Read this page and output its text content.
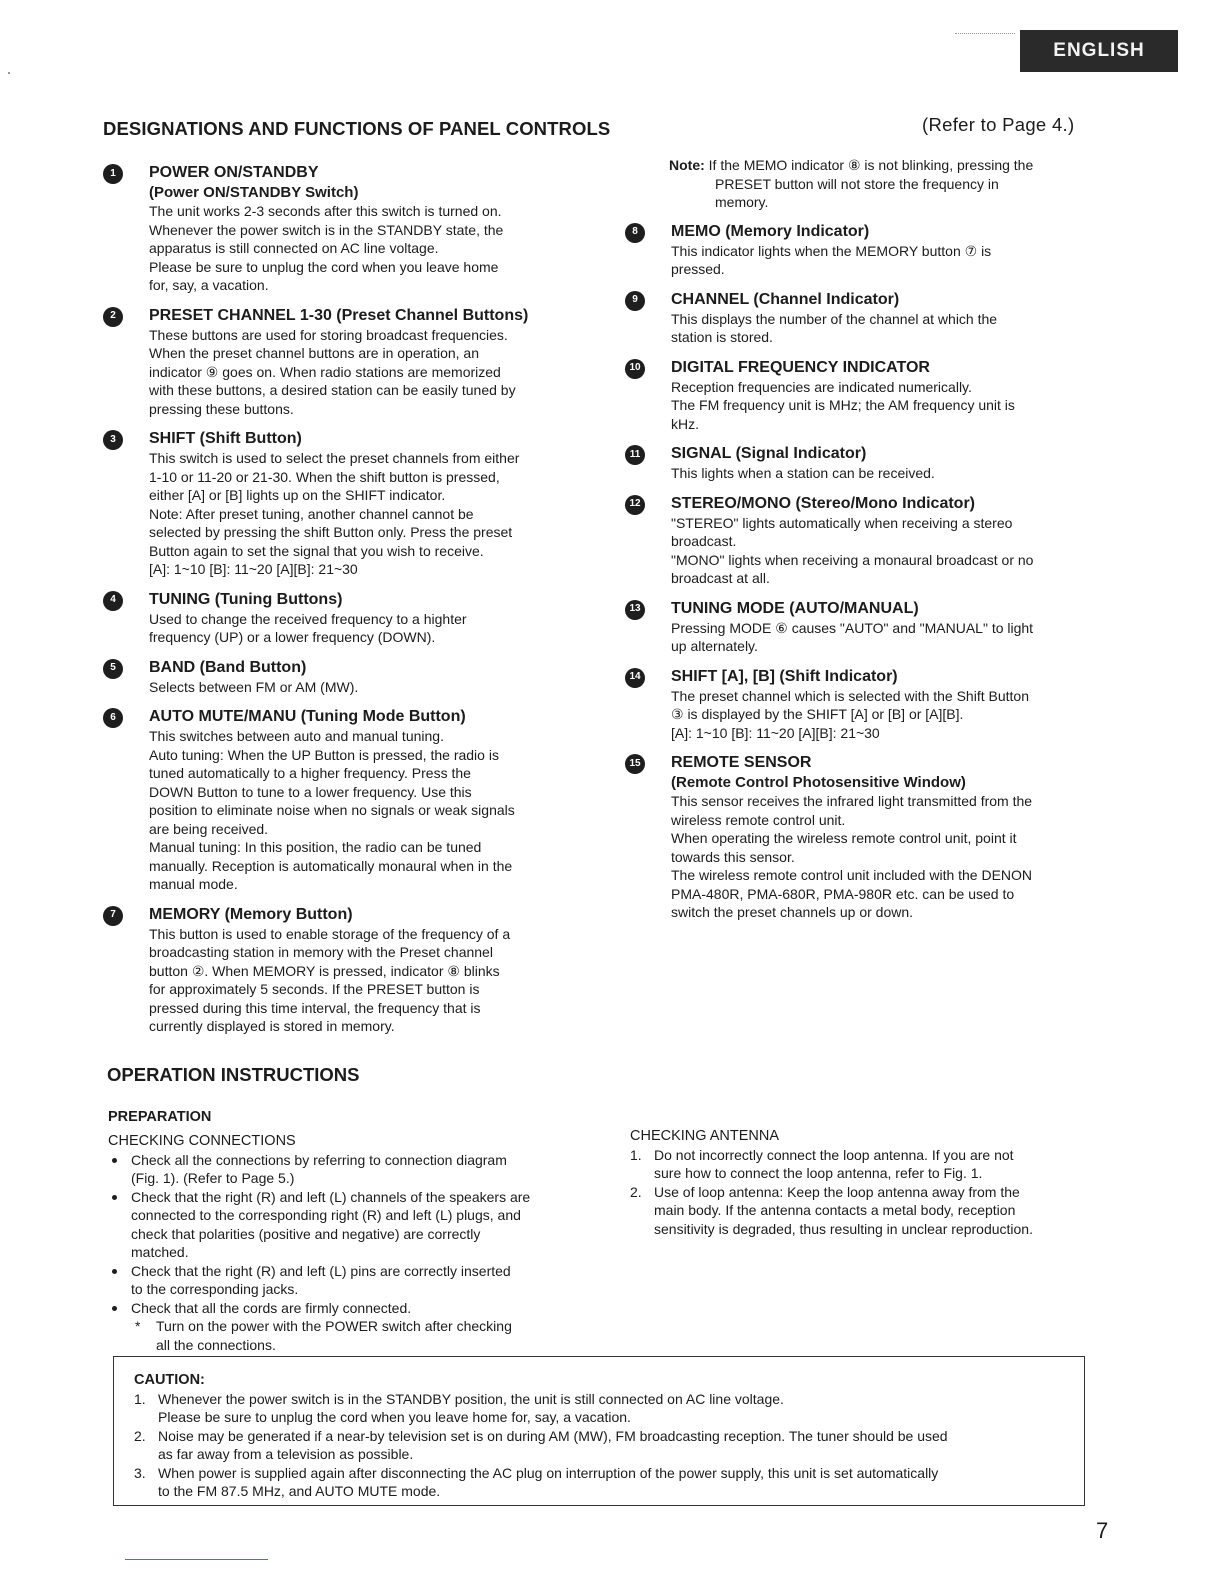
ENGLISH
DESIGNATIONS AND FUNCTIONS OF PANEL CONTROLS	(Refer to Page 4.)
1	POWER ON/STANDBY
(Power ON/STANDBY Switch)
The unit works 2-3 seconds after this switch is turned on.
Whenever the power switch is in the STANDBY state, the
apparatus is still connected on AC line voltage.
Please be sure to unplug the cord when you leave home
for, say, a vacation.
2	PRESET CHANNEL 1-30 (Preset Channel Buttons)
These buttons are used for storing broadcast frequencies.
When the preset channel buttons are in operation, an
indicator ⑨ goes on. When radio stations are memorized
with these buttons, a desired station can be easily tuned by
pressing these buttons.
3	SHIFT (Shift Button)
This switch is used to select the preset channels from either
1-10 or 11-20 or 21-30. When the shift button is pressed,
either [A] or [B] lights up on the SHIFT indicator.
Note: After preset tuning, another channel cannot be
selected by pressing the shift Button only. Press the preset
Button again to set the signal that you wish to receive.
[A]: 1~10 [B]: 11~20 [A][B]: 21~30
4	TUNING (Tuning Buttons)
Used to change the received frequency to a highter
frequency (UP) or a lower frequency (DOWN).
5	BAND (Band Button)
Selects between FM or AM (MW).
6	AUTO MUTE/MANU (Tuning Mode Button)
This switches between auto and manual tuning.
Auto tuning: When the UP Button is pressed, the radio is
tuned automatically to a higher frequency. Press the
DOWN Button to tune to a lower frequency. Use this
position to eliminate noise when no signals or weak signals
are being received.
Manual tuning: In this position, the radio can be tuned
manually. Reception is automatically monaural when in the
manual mode.
7	MEMORY (Memory Button)
This button is used to enable storage of the frequency of a
broadcasting station in memory with the Preset channel
button ②. When MEMORY is pressed, indicator ⑧ blinks
for approximately 5 seconds. If the PRESET button is
pressed during this time interval, the frequency that is
currently displayed is stored in memory.
Note: If the MEMO indicator ⑧ is not blinking, pressing the
PRESET button will not store the frequency in
memory.
8	MEMO (Memory Indicator)
This indicator lights when the MEMORY button ⑦ is
pressed.
9	CHANNEL (Channel Indicator)
This displays the number of the channel at which the
station is stored.
10 DIGITAL FREQUENCY INDICATOR
Reception frequencies are indicated numerically.
The FM frequency unit is MHz; the AM frequency unit is
kHz.
11 SIGNAL (Signal Indicator)
This lights when a station can be received.
12 STEREO/MONO (Stereo/Mono Indicator)
"STEREO" lights automatically when receiving a stereo
broadcast.
"MONO" lights when receiving a monaural broadcast or no
broadcast at all.
13 TUNING MODE (AUTO/MANUAL)
Pressing MODE ⑥ causes "AUTO" and "MANUAL" to light
up alternately.
14 SHIFT [A], [B] (Shift Indicator)
The preset channel which is selected with the Shift Button
③ is displayed by the SHIFT [A] or [B] or [A][B].
[A]: 1~10 [B]: 11~20 [A][B]: 21~30
15 REMOTE SENSOR
(Remote Control Photosensitive Window)
This sensor receives the infrared light transmitted from the
wireless remote control unit.
When operating the wireless remote control unit, point it
towards this sensor.
The wireless remote control unit included with the DENON
PMA-480R, PMA-680R, PMA-980R etc. can be used to
switch the preset channels up or down.
OPERATION INSTRUCTIONS
PREPARATION
CHECKING CONNECTIONS
Check all the connections by referring to connection diagram
(Fig. 1). (Refer to Page 5.)
Check that the right (R) and left (L) channels of the speakers are
connected to the corresponding right (R) and left (L) plugs, and
check that polarities (positive and negative) are correctly
matched.
Check that the right (R) and left (L) pins are correctly inserted
to the corresponding jacks.
Check that all the cords are firmly connected.
* Turn on the power with the POWER switch after checking
all the connections.
CHECKING ANTENNA
1. Do not incorrectly connect the loop antenna. If you are not
sure how to connect the loop antenna, refer to Fig. 1.
2. Use of loop antenna: Keep the loop antenna away from the
main body. If the antenna contacts a metal body, reception
sensitivity is degraded, thus resulting in unclear reproduction.
CAUTION:
1. Whenever the power switch is in the STANDBY position, the unit is still connected on AC line voltage.
Please be sure to unplug the cord when you leave home for, say, a vacation.
2. Noise may be generated if a near-by television set is on during AM (MW), FM broadcasting reception. The tuner should be used
as far away from a television as possible.
3. When power is supplied again after disconnecting the AC plug on interruption of the power supply, this unit is set automatically
to the FM 87.5 MHz, and AUTO MUTE mode.
7
